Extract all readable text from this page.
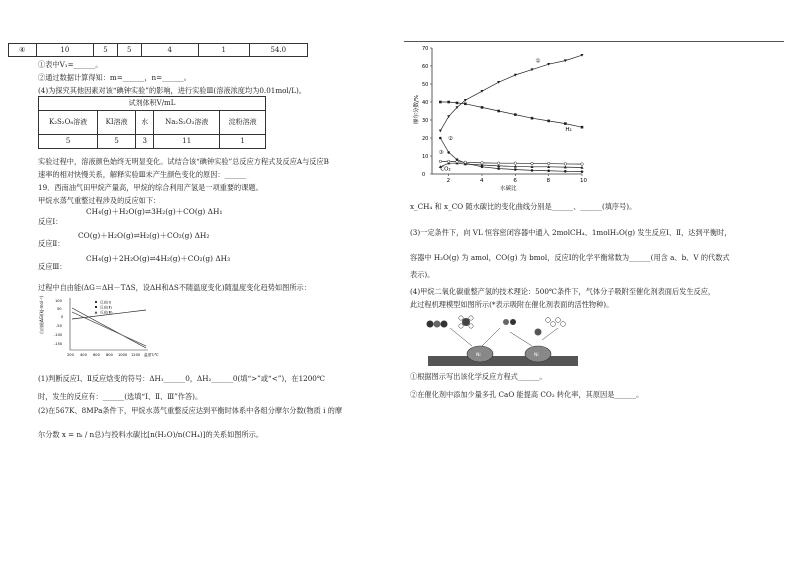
④	10	5	5	4	1	54.0
①表中V₁=______。
②通过数据计算得知：m=______，n=______。
(4)为探究其他因素对该“碘钟实验”的影响，进行实验Ⅲ(溶液浓度均为0.01mol/L)。
试剂体积V/mL				
K₂S₂O₈溶液	KI溶液	水	Na₂S₂O₃溶液	淀粉溶液
5	5	3	11	1
实验过程中，溶液颜色始终无明显变化。试结合该“碘钟实验”总反应方程式及反应A与反应B
速率的相对快慢关系，解释实验Ⅲ未产生颜色变化的原因：______
19．西南油气田甲烷产量高，甲烷的综合利用产氢是一项重要的课题。
甲烷水蒸气重整过程涉及的反应如下：
反应Ⅰ：
CH₄(g)＋H₂O(g)⇌3H₂(g)＋CO(g) ΔH₁
反应Ⅱ：
CO(g)＋H₂O(g)⇌H₂(g)＋CO₂(g) ΔH₂
反应Ⅲ：
CH₄(g)＋2H₂O(g)⇌4H₂(g)＋CO₂(g) ΔH₃
过程中自由能(ΔG＝ΔH－TΔS，设ΔH和ΔS不随温度变化)随温度变化趋势如图所示：
自由能ΔG/(kJ·mol⁻¹)	100
50
0
-50
-100
-150
200 400 600 800 1000 1200 温度T/℃
反应(Ⅰ)
反应(Ⅱ)
反应(Ⅲ)
(1)判断反应Ⅰ、Ⅱ反应焓变的符号：ΔH₁______0，ΔH₂______0(填“>”或“<”)，在1200℃
时，发生的反应有：______(选填“Ⅰ、Ⅱ、Ⅲ”作答)。
(2)在567K、8MPa条件下，甲烷水蒸气重整反应达到平衡时体系中各组分摩尔分数(物质 i 的摩
尔分数 x = nᵢ / n总)与投料水碳比[n(H₂O)/n(CH₄)]的关系如图所示。
摩尔分数/%
水碳比
2	4	6	8	10
0
10
20
30
40
50
60
70
①
H₂
②
③
CO₂
x_CH₄ 和 x_CO 随水碳比的变化曲线分别是______、______(填序号)。
(3)一定条件下，向 VL 恒容密闭容器中通入 2molCH₄、1molH₂O(g) 发生反应Ⅰ、Ⅱ，达到平衡时，
容器中 H₂O(g) 为 amol，CO(g) 为 bmol，反应Ⅰ的化学平衡常数为______(用含 a、b、V 的代数式
表示)。
(4)甲烷二氧化碳重整产氢的技术理论：500℃条件下，气体分子吸附至催化剂表面后发生反应，
此过程机理模型如图所示(*表示吸附在催化剂表面的活性物种)。
Ni	Ni
①根据图示写出该化学反应方程式______。
②在催化剂中添加少量多孔 CaO 能提高 CO₂ 转化率，其原因是______。
